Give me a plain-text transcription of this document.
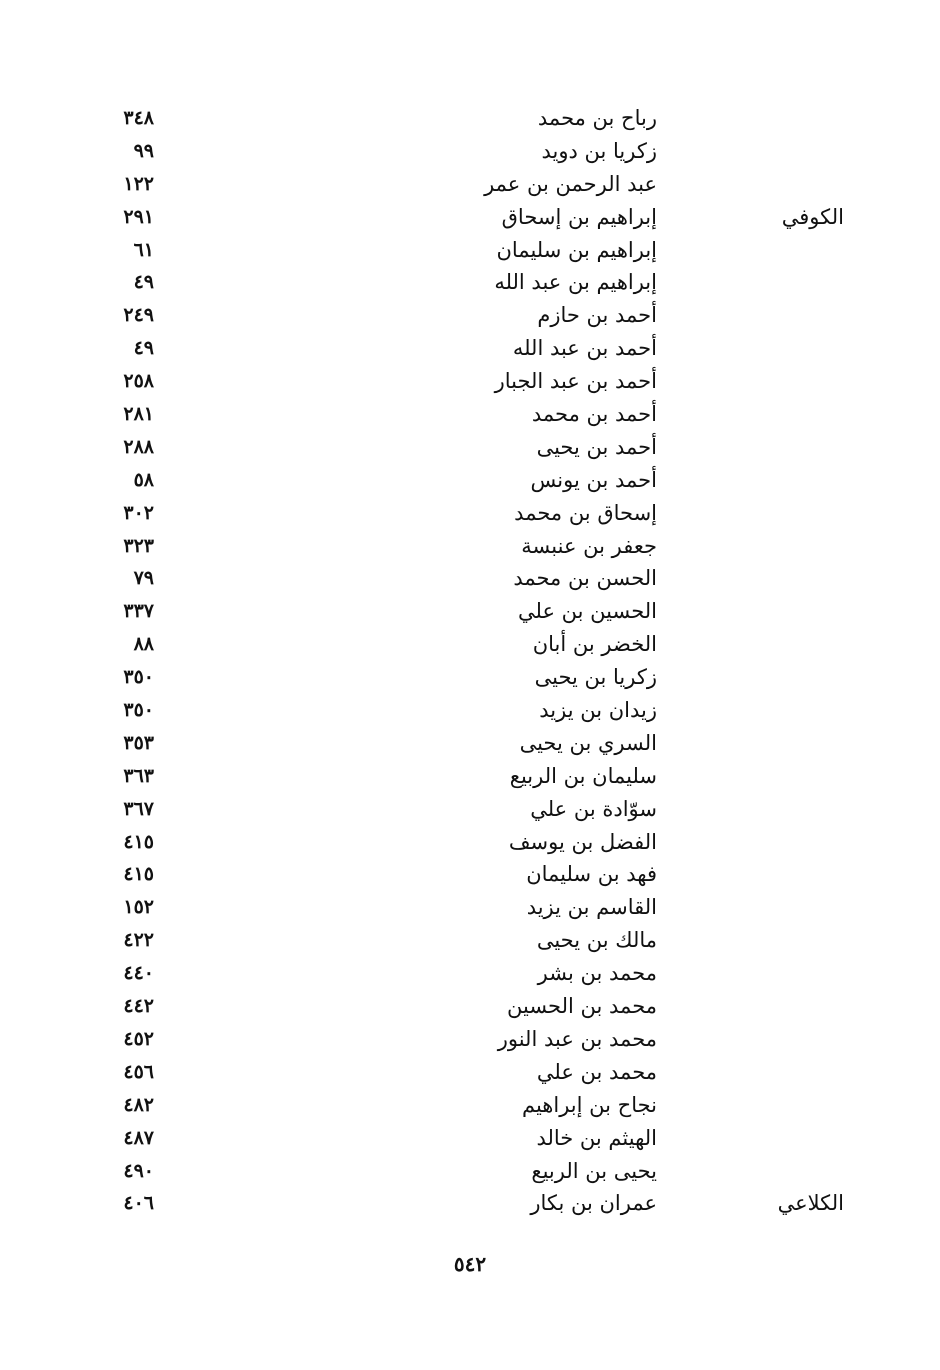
رباح بن محمد
٣٤٨
زكريا بن دويد
٩٩
عبد الرحمن بن عمر
١٢٢
الكوفي
إبراهيم بن إسحاق
٢٩١
إبراهيم بن سليمان
٦١
إبراهيم بن عبد الله
٤٩
أحمد بن حازم
٢٤٩
أحمد بن عبد الله
٤٩
أحمد بن عبد الجبار
٢٥٨
أحمد بن محمد
٢٨١
أحمد بن يحيى
٢٨٨
أحمد بن يونس
٥٨
إسحاق بن محمد
٣٠٢
جعفر بن عنبسة
٣٢٣
الحسن بن محمد
٧٩
الحسين بن علي
٣٣٧
الخضر بن أبان
٨٨
زكريا بن يحيى
٣٥٠
زيدان بن يزيد
٣٥٠
السري بن يحيى
٣٥٣
سليمان بن الربيع
٣٦٣
سوّادة بن علي
٣٦٧
الفضل بن يوسف
٤١٥
فهد بن سليمان
٤١٥
القاسم بن يزيد
١٥٢
مالك بن يحيى
٤٢٢
محمد بن بشر
٤٤٠
محمد بن الحسين
٤٤٢
محمد بن عبد النور
٤٥٢
محمد بن علي
٤٥٦
نجاح بن إبراهيم
٤٨٢
الهيثم بن خالد
٤٨٧
يحيى بن الربيع
٤٩٠
الكلاعي
عمران بن بكار
٤٠٦
٥٤٢
